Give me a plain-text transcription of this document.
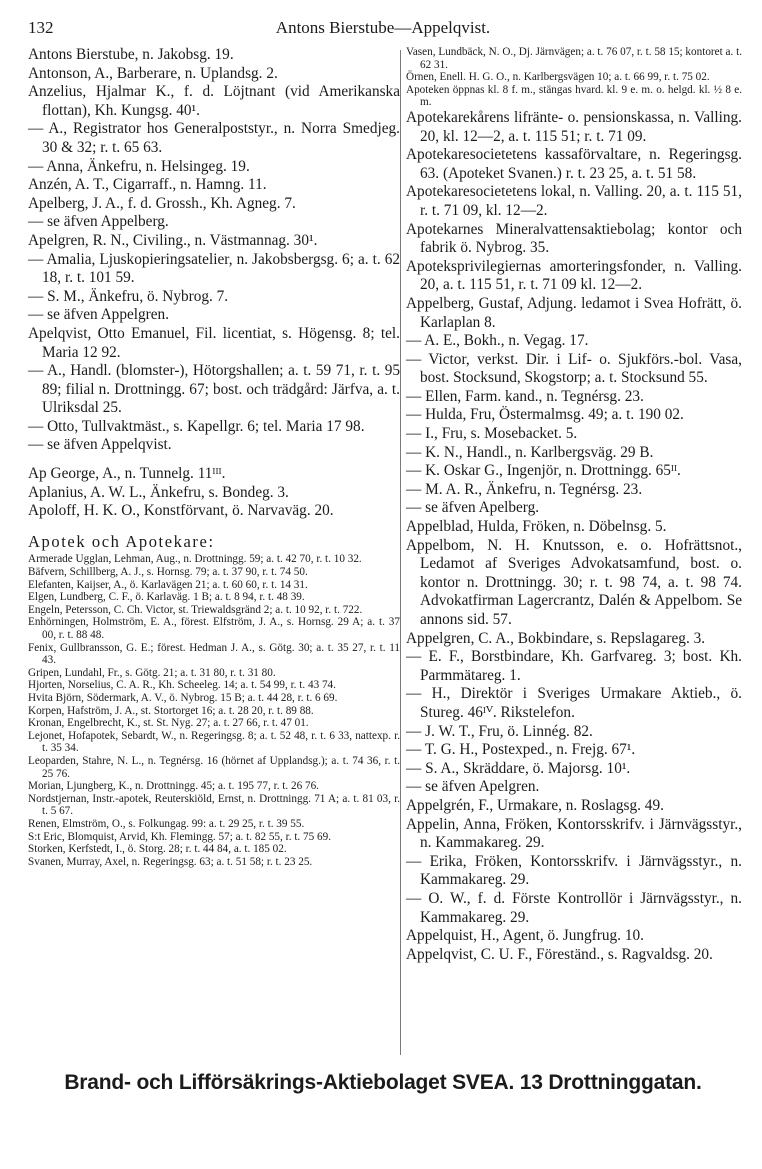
132	Antons Bierstube—Appelqvist.
Antons Bierstube, n. Jakobsg. 19.
Antonson, A., Barberare, n. Uplandsg. 2.
Anzelius, Hjalmar K., f. d. Löjtnant (vid Amerikanska flottan), Kh. Kungsg. 40¹.
— A., Registrator hos Generalpoststyr., n. Norra Smedjeg. 30 & 32; r. t. 65 63.
— Anna, Änkefru, n. Helsingeg. 19.
Anzén, A. T., Cigarraff., n. Hamng. 11.
Apelberg, J. A., f. d. Grossh., Kh. Agneg. 7.
— se äfven Appelberg.
Apelgren, R. N., Civiling., n. Västmannag. 30¹.
— Amalia, Ljuskopieringsatelier, n. Jakobsbergsg. 6; a. t. 62 18, r. t. 101 59.
— S. M., Änkefru, ö. Nybrog. 7.
— se äfven Appelgren.
Apelqvist, Otto Emanuel, Fil. licentiat, s. Högensg. 8; tel. Maria 12 92.
— A., Handl. (blomster-), Hötorgshallen; a. t. 59 71, r. t. 95 89; filial n. Drottningg. 67; bost. och trädgård: Järfva, a. t. Ulriksdal 25.
— Otto, Tullvaktmäst., s. Kapellgr. 6; tel. Maria 17 98.
— se äfven Appelqvist.
Ap George, A., n. Tunnelg. 11ᴵᴵᴵ.
Aplanius, A. W. L., Änkefru, s. Bondeg. 3.
Apoloff, H. K. O., Konstförvant, ö. Narvaväg. 20.
Apotek och Apotekare:
Armerade Ugglan, Lehman, Aug., n. Drottningg. 59; a. t. 42 70, r. t. 10 32.
Bäfvern, Schillberg, A. J., s. Hornsg. 79; a. t. 37 90, r. t. 74 50.
Elefanten, Kaijser, A., ö. Karlavägen 21; a. t. 60 60, r. t. 14 31.
Elgen, Lundberg, C. F., ö. Karlaväg. 1 B; a. t. 8 94, r. t. 48 39.
Engeln, Petersson, C. Ch. Victor, st. Triewaldsgränd 2; a. t. 10 92, r. t. 722.
Enhörningen, Holmström, E. A., förest. Elfström, J. A., s. Hornsg. 29 A; a. t. 37 00, r. t. 88 48.
Fenix, Gullbransson, G. E.; förest. Hedman J. A., s. Götg. 30; a. t. 35 27, r. t. 11 43.
Gripen, Lundahl, Fr., s. Götg. 21; a. t. 31 80, r. t. 31 80.
Hjorten, Norselius, C. A. R., Kh. Scheeleg. 14; a. t. 54 99, r. t. 43 74.
Hvita Björn, Södermark, A. V., ö. Nybrog. 15 B; a. t. 44 28, r. t. 6 69.
Korpen, Hafström, J. A., st. Stortorget 16; a. t. 28 20, r. t. 89 88.
Kronan, Engelbrecht, K., st. St. Nyg. 27; a. t. 27 66, r. t. 47 01.
Lejonet, Hofapotek, Sebardt, W., n. Regeringsg. 8; a. t. 52 48, r. t. 6 33, nattexp. r. t. 35 34.
Leoparden, Stahre, N. L., n. Tegnérsg. 16 (hörnet af Upplandsg.); a. t. 74 36, r. t. 25 76.
Morian, Ljungberg, K., n. Drottningg. 45; a. t. 195 77, r. t. 26 76.
Nordstjernan, Instr.-apotek, Reuterskiöld, Ernst, n. Drottningg. 71 A; a. t. 81 03, r. t. 5 67.
Renen, Elmström, O., s. Folkungag. 99: a. t. 29 25, r. t. 39 55.
S:t Eric, Blomquist, Arvid, Kh. Flemingg. 57; a. t. 82 55, r. t. 75 69.
Storken, Kerfstedt, I., ö. Storg. 28; r. t. 44 84, a. t. 185 02.
Svanen, Murray, Axel, n. Regeringsg. 63; a. t. 51 58; r. t. 23 25.
Vasen, Lundbäck, N. O., Dj. Järnvägen; a. t. 76 07, r. t. 58 15; kontoret a. t. 62 31.
Örnen, Enell. H. G. O., n. Karlbergsvägen 10; a. t. 66 99, r. t. 75 02.
Apoteken öppnas kl. 8 f. m., stängas hvard. kl. 9 e. m. o. helgd. kl. ½ 8 e. m.
Apotekarekårens lifränte- o. pensionskassa, n. Valling. 20, kl. 12—2, a. t. 115 51; r. t. 71 09.
Apotekaresocietetens kassaförvaltare, n. Regeringsg. 63. (Apoteket Svanen.) r. t. 23 25, a. t. 51 58.
Apotekaresocietetens lokal, n. Valling. 20, a. t. 115 51, r. t. 71 09, kl. 12—2.
Apotekarnes Mineralvattensaktiebolag; kontor och fabrik ö. Nybrog. 35.
Apoteksprivilegiernas amorteringsfonder, n. Valling. 20, a. t. 115 51, r. t. 71 09 kl. 12—2.
Appelberg, Gustaf, Adjung. ledamot i Svea Hofrätt, ö. Karlaplan 8.
— A. E., Bokh., n. Vegag. 17.
— Victor, verkst. Dir. i Lif- o. Sjukförs.-bol. Vasa, bost. Stocksund, Skogstorp; a. t. Stocksund 55.
— Ellen, Farm. kand., n. Tegnérsg. 23.
— Hulda, Fru, Östermalmsg. 49; a. t. 190 02.
— I., Fru, s. Mosebacket. 5.
— K. N., Handl., n. Karlbergsväg. 29 B.
— K. Oskar G., Ingenjör, n. Drottningg. 65ᴵᴵ.
— M. A. R., Änkefru, n. Tegnérsg. 23.
— se äfven Apelberg.
Appelblad, Hulda, Fröken, n. Döbelnsg. 5.
Appelbom, N. H. Knutsson, e. o. Hofrättsnot., Ledamot af Sveriges Advokatsamfund, bost. o. kontor n. Drottningg. 30; r. t. 98 74, a. t. 98 74. Advokatfirman Lagercrantz, Dalén & Appelbom. Se annons sid. 57.
Appelgren, C. A., Bokbindare, s. Repslagareg. 3.
— E. F., Borstbindare, Kh. Garfvareg. 3; bost. Kh. Parmmätareg. 1.
— H., Direktör i Sveriges Urmakare Aktieb., ö. Stureg. 46ᴵⱽ. Rikstelefon.
— J. W. T., Fru, ö. Linnég. 82.
— T. G. H., Postexped., n. Frejg. 67¹.
— S. A., Skräddare, ö. Majorsg. 10¹.
— se äfven Apelgren.
Appelgrén, F., Urmakare, n. Roslagsg. 49.
Appelin, Anna, Fröken, Kontorsskrifv. i Järnvägsstyr., n. Kammakareg. 29.
— Erika, Fröken, Kontorsskrifv. i Järnvägsstyr., n. Kammakareg. 29.
— O. W., f. d. Förste Kontrollör i Järnvägsstyr., n. Kammakareg. 29.
Appelquist, H., Agent, ö. Jungfrug. 10.
Appelqvist, C. U. F., Föreständ., s. Ragvaldsg. 20.
Brand- och Lifförsäkrings-Aktiebolaget SVEA. 13 Drottninggatan.
